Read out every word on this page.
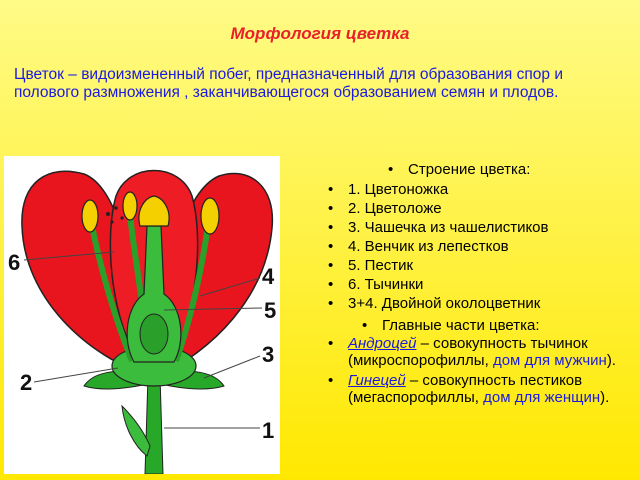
Морфология цветка
Цветок – видоизмененный побег, предназначенный для образования спор и полового размножения , заканчивающегося образованием семян и плодов.
6
4
5
3
2
1
• Строение цветка:
• 1. Цветоножка
• 2. Цветоложе
• 3. Чашечка из чашелистиков
• 4. Венчик из лепестков
• 5. Пестик
• 6. Тычинки
• 3+4. Двойной околоцветник
• Главные части цветка:
• Андроцей – совокупность тычинок (микроспорофиллы, дом для мужчин).
• Гинецей – совокупность пестиков (мегаспорофиллы, дом для женщин).
